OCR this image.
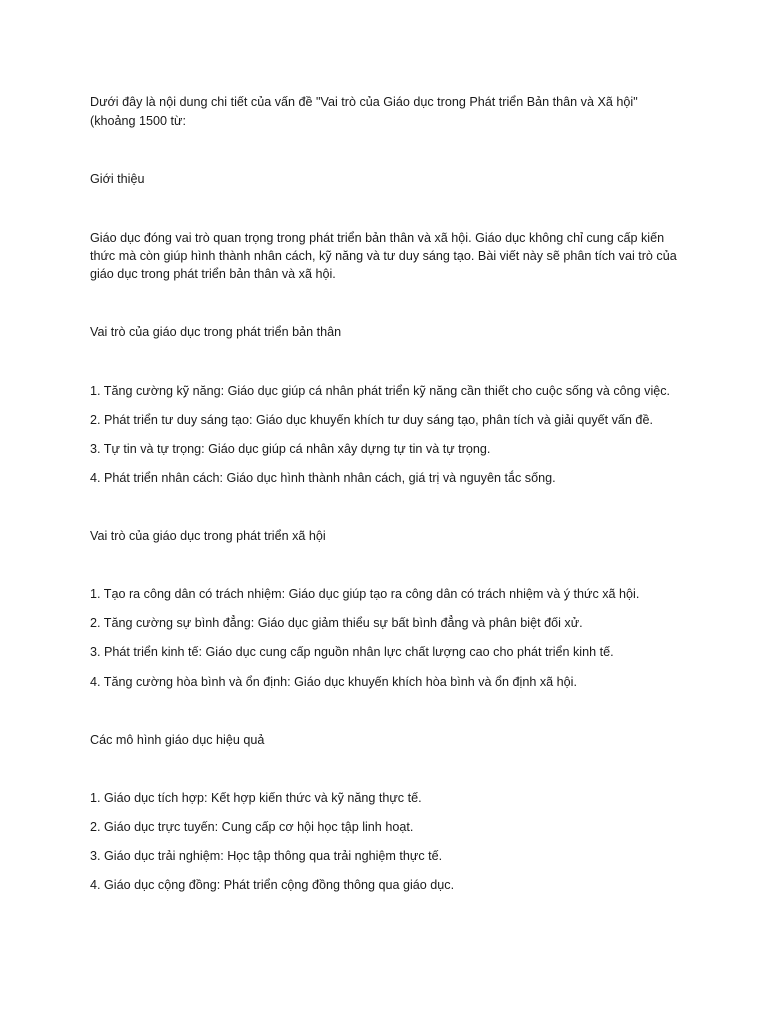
Dưới đây là nội dung chi tiết của vấn đề "Vai trò của Giáo dục trong Phát triển Bản thân và Xã hội"

(khoảng 1500 từ:

Giới thiệu

Giáo dục đóng vai trò quan trọng trong phát triển bản thân và xã hội. Giáo dục không chỉ cung cấp kiến

thức mà còn giúp hình thành nhân cách, kỹ năng và tư duy sáng tạo. Bài viết này sẽ phân tích vai trò của

giáo dục trong phát triển bản thân và xã hội.

Vai trò của giáo dục trong phát triển bản thân

1. Tăng cường kỹ năng: Giáo dục giúp cá nhân phát triển kỹ năng cần thiết cho cuộc sống và công việc.

2. Phát triển tư duy sáng tạo: Giáo dục khuyến khích tư duy sáng tạo, phân tích và giải quyết vấn đề.

3. Tự tin và tự trọng: Giáo dục giúp cá nhân xây dựng tự tin và tự trọng.

4. Phát triển nhân cách: Giáo dục hình thành nhân cách, giá trị và nguyên tắc sống.

Vai trò của giáo dục trong phát triển xã hội

1. Tạo ra công dân có trách nhiệm: Giáo dục giúp tạo ra công dân có trách nhiệm và ý thức xã hội.

2. Tăng cường sự bình đẳng: Giáo dục giảm thiểu sự bất bình đẳng và phân biệt đối xử.

3. Phát triển kinh tế: Giáo dục cung cấp nguồn nhân lực chất lượng cao cho phát triển kinh tế.

4. Tăng cường hòa bình và ổn định: Giáo dục khuyến khích hòa bình và ổn định xã hội.

Các mô hình giáo dục hiệu quả

1. Giáo dục tích hợp: Kết hợp kiến thức và kỹ năng thực tế.

2. Giáo dục trực tuyến: Cung cấp cơ hội học tập linh hoạt.

3. Giáo dục trải nghiệm: Học tập thông qua trải nghiệm thực tế.

4. Giáo dục cộng đồng: Phát triển cộng đồng thông qua giáo dục.
